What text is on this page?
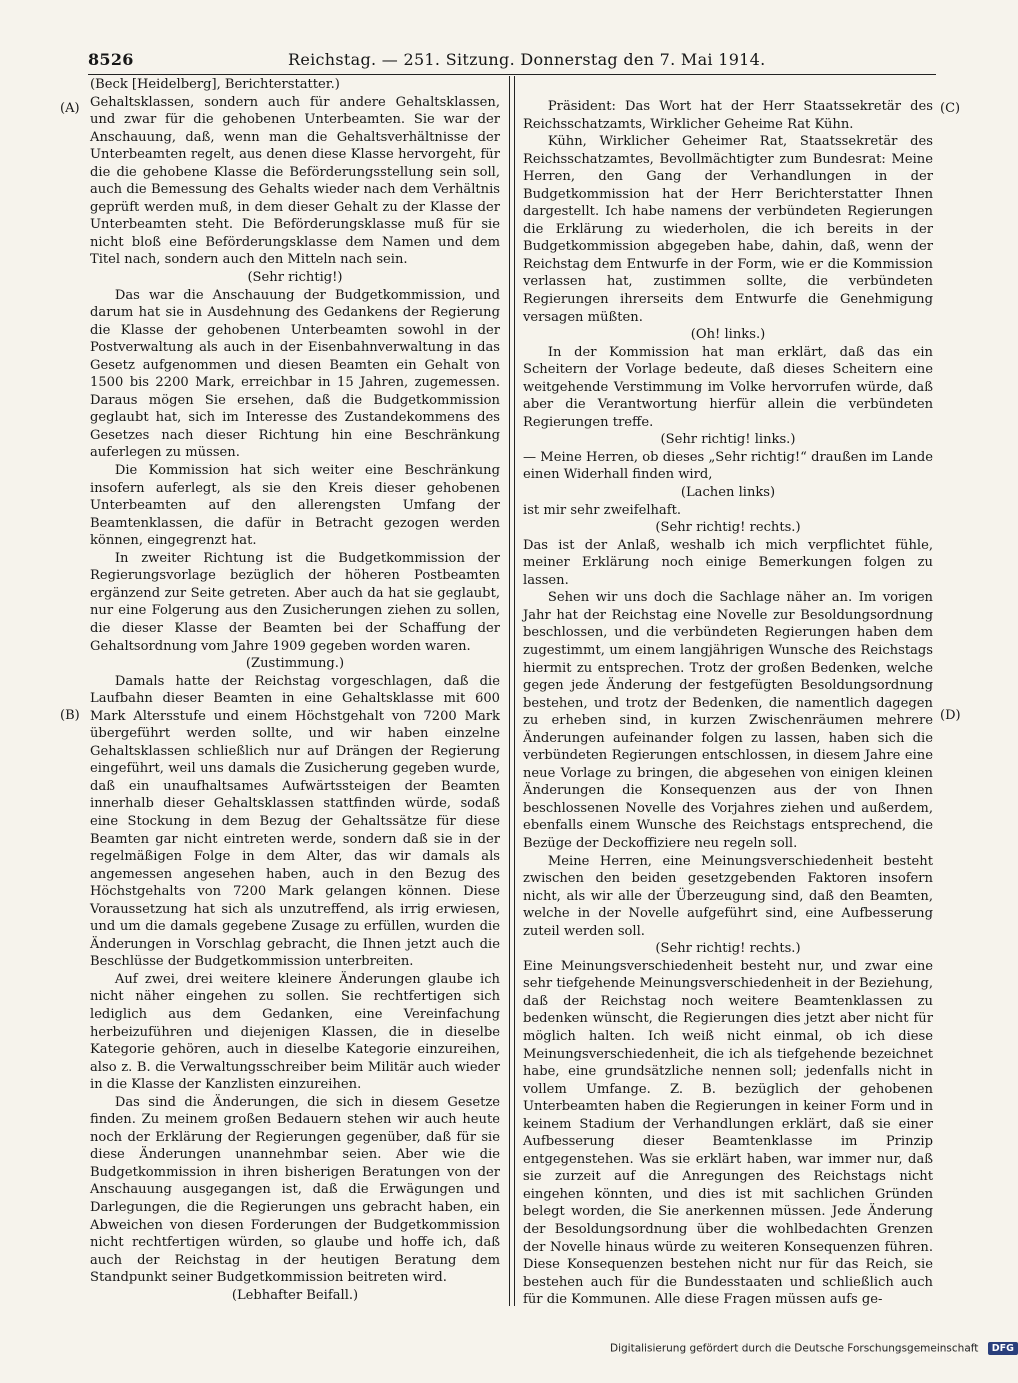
8526	Reichstag. — 251. Sitzung. Donnerstag den 7. Mai 1914.
(A)
(B)
(C)
(D)

(Beck [Heidelberg], Berichterstatter.)

Gehaltsklassen, sondern auch für andere Gehaltsklassen, und zwar für die gehobenen Unterbeamten. Sie war der Anschauung, daß, wenn man die Gehaltsverhältnisse der Unterbeamten regelt, aus denen diese Klasse hervorgeht, für die die gehobene Klasse die Beförderungsstellung sein soll, auch die Bemessung des Gehalts wieder nach dem Verhältnis geprüft werden muß, in dem dieser Gehalt zu der Klasse der Unterbeamten steht. Die Beförderungsklasse muß für sie nicht bloß eine Beförderungsklasse dem Namen und dem Titel nach, sondern auch den Mitteln nach sein.

(Sehr richtig!)

Das war die Anschauung der Budgetkommission, und darum hat sie in Ausdehnung des Gedankens der Regierung die Klasse der gehobenen Unterbeamten sowohl in der Postverwaltung als auch in der Eisenbahnverwaltung in das Gesetz aufgenommen und diesen Beamten ein Gehalt von 1500 bis 2200 Mark, erreichbar in 15 Jahren, zugemessen. Daraus mögen Sie ersehen, daß die Budgetkommission geglaubt hat, sich im Interesse des Zustandekommens des Gesetzes nach dieser Richtung hin eine Beschränkung auferlegen zu müssen.

Die Kommission hat sich weiter eine Beschränkung insofern auferlegt, als sie den Kreis dieser gehobenen Unterbeamten auf den allerengsten Umfang der Beamtenklassen, die dafür in Betracht gezogen werden können, eingegrenzt hat.

In zweiter Richtung ist die Budgetkommission der Regierungsvorlage bezüglich der höheren Postbeamten ergänzend zur Seite getreten. Aber auch da hat sie geglaubt, nur eine Folgerung aus den Zusicherungen ziehen zu sollen, die dieser Klasse der Beamten bei der Schaffung der Gehaltsordnung vom Jahre 1909 gegeben worden waren.

(Zustimmung.)

Damals hatte der Reichstag vorgeschlagen, daß die Laufbahn dieser Beamten in eine Gehaltsklasse mit 600 Mark Altersstufe und einem Höchstgehalt von 7200 Mark übergeführt werden sollte, und wir haben einzelne Gehaltsklassen schließlich nur auf Drängen der Regierung eingeführt, weil uns damals die Zusicherung gegeben wurde, daß ein unaufhaltsames Aufwärtssteigen der Beamten innerhalb dieser Gehaltsklassen stattfinden würde, sodaß eine Stockung in dem Bezug der Gehaltssätze für diese Beamten gar nicht eintreten werde, sondern daß sie in der regelmäßigen Folge in dem Alter, das wir damals als angemessen angesehen haben, auch in den Bezug des Höchstgehalts von 7200 Mark gelangen können. Diese Voraussetzung hat sich als unzutreffend, als irrig erwiesen, und um die damals gegebene Zusage zu erfüllen, wurden die Änderungen in Vorschlag gebracht, die Ihnen jetzt auch die Beschlüsse der Budgetkommission unterbreiten.

Auf zwei, drei weitere kleinere Änderungen glaube ich nicht näher eingehen zu sollen. Sie rechtfertigen sich lediglich aus dem Gedanken, eine Vereinfachung herbeizuführen und diejenigen Klassen, die in dieselbe Kategorie gehören, auch in dieselbe Kategorie einzureihen, also z. B. die Verwaltungsschreiber beim Militär auch wieder in die Klasse der Kanzlisten einzureihen.

Das sind die Änderungen, die sich in diesem Gesetze finden. Zu meinem großen Bedauern stehen wir auch heute noch der Erklärung der Regierungen gegenüber, daß für sie diese Änderungen unannehmbar seien. Aber wie die Budgetkommission in ihren bisherigen Beratungen von der Anschauung ausgegangen ist, daß die Erwägungen und Darlegungen, die die Regierungen uns gebracht haben, ein Abweichen von diesen Forderungen der Budgetkommission nicht rechtfertigen würden, so glaube und hoffe ich, daß auch der Reichstag in der heutigen Beratung dem Standpunkt seiner Budgetkommission beitreten wird.

(Lebhafter Beifall.)

Präsident: Das Wort hat der Herr Staatssekretär des Reichsschatzamts, Wirklicher Geheime Rat Kühn.

Kühn, Wirklicher Geheimer Rat, Staatssekretär des Reichsschatzamtes, Bevollmächtigter zum Bundesrat: Meine Herren, den Gang der Verhandlungen in der Budgetkommission hat der Herr Berichterstatter Ihnen dargestellt. Ich habe namens der verbündeten Regierungen die Erklärung zu wiederholen, die ich bereits in der Budgetkommission abgegeben habe, dahin, daß, wenn der Reichstag dem Entwurfe in der Form, wie er die Kommission verlassen hat, zustimmen sollte, die verbündeten Regierungen ihrerseits dem Entwurfe die Genehmigung versagen müßten.

(Oh! links.)

In der Kommission hat man erklärt, daß das ein Scheitern der Vorlage bedeute, daß dieses Scheitern eine weitgehende Verstimmung im Volke hervorrufen würde, daß aber die Verantwortung hierfür allein die verbündeten Regierungen treffe.

(Sehr richtig! links.)

— Meine Herren, ob dieses „Sehr richtig!“ draußen im Lande einen Widerhall finden wird,

(Lachen links)

ist mir sehr zweifelhaft.

(Sehr richtig! rechts.)

Das ist der Anlaß, weshalb ich mich verpflichtet fühle, meiner Erklärung noch einige Bemerkungen folgen zu lassen.

Sehen wir uns doch die Sachlage näher an. Im vorigen Jahr hat der Reichstag eine Novelle zur Besoldungsordnung beschlossen, und die verbündeten Regierungen haben dem zugestimmt, um einem langjährigen Wunsche des Reichstags hiermit zu entsprechen. Trotz der großen Bedenken, welche gegen jede Änderung der festgefügten Besoldungsordnung bestehen, und trotz der Bedenken, die namentlich dagegen zu erheben sind, in kurzen Zwischenräumen mehrere Änderungen aufeinander folgen zu lassen, haben sich die verbündeten Regierungen entschlossen, in diesem Jahre eine neue Vorlage zu bringen, die abgesehen von einigen kleinen Änderungen die Konsequenzen aus der von Ihnen beschlossenen Novelle des Vorjahres ziehen und außerdem, ebenfalls einem Wunsche des Reichstags entsprechend, die Bezüge der Deckoffiziere neu regeln soll.

Meine Herren, eine Meinungsverschiedenheit besteht zwischen den beiden gesetzgebenden Faktoren insofern nicht, als wir alle der Überzeugung sind, daß den Beamten, welche in der Novelle aufgeführt sind, eine Aufbesserung zuteil werden soll.

(Sehr richtig! rechts.)

Eine Meinungsverschiedenheit besteht nur, und zwar eine sehr tiefgehende Meinungsverschiedenheit in der Beziehung, daß der Reichstag noch weitere Beamtenklassen zu bedenken wünscht, die Regierungen dies jetzt aber nicht für möglich halten. Ich weiß nicht einmal, ob ich diese Meinungsverschiedenheit, die ich als tiefgehende bezeichnet habe, eine grundsätzliche nennen soll; jedenfalls nicht in vollem Umfange. Z. B. bezüglich der gehobenen Unterbeamten haben die Regierungen in keiner Form und in keinem Stadium der Verhandlungen erklärt, daß sie einer Aufbesserung dieser Beamtenklasse im Prinzip entgegenstehen. Was sie erklärt haben, war immer nur, daß sie zurzeit auf die Anregungen des Reichstags nicht eingehen könnten, und dies ist mit sachlichen Gründen belegt worden, die Sie anerkennen müssen. Jede Änderung der Besoldungsordnung über die wohlbedachten Grenzen der Novelle hinaus würde zu weiteren Konsequenzen führen. Diese Konsequenzen bestehen nicht nur für das Reich, sie bestehen auch für die Bundesstaaten und schließlich auch für die Kommunen. Alle diese Fragen müssen aufs ge-

Digitalisierung gefördert durch die Deutsche Forschungsgemeinschaft DFG
